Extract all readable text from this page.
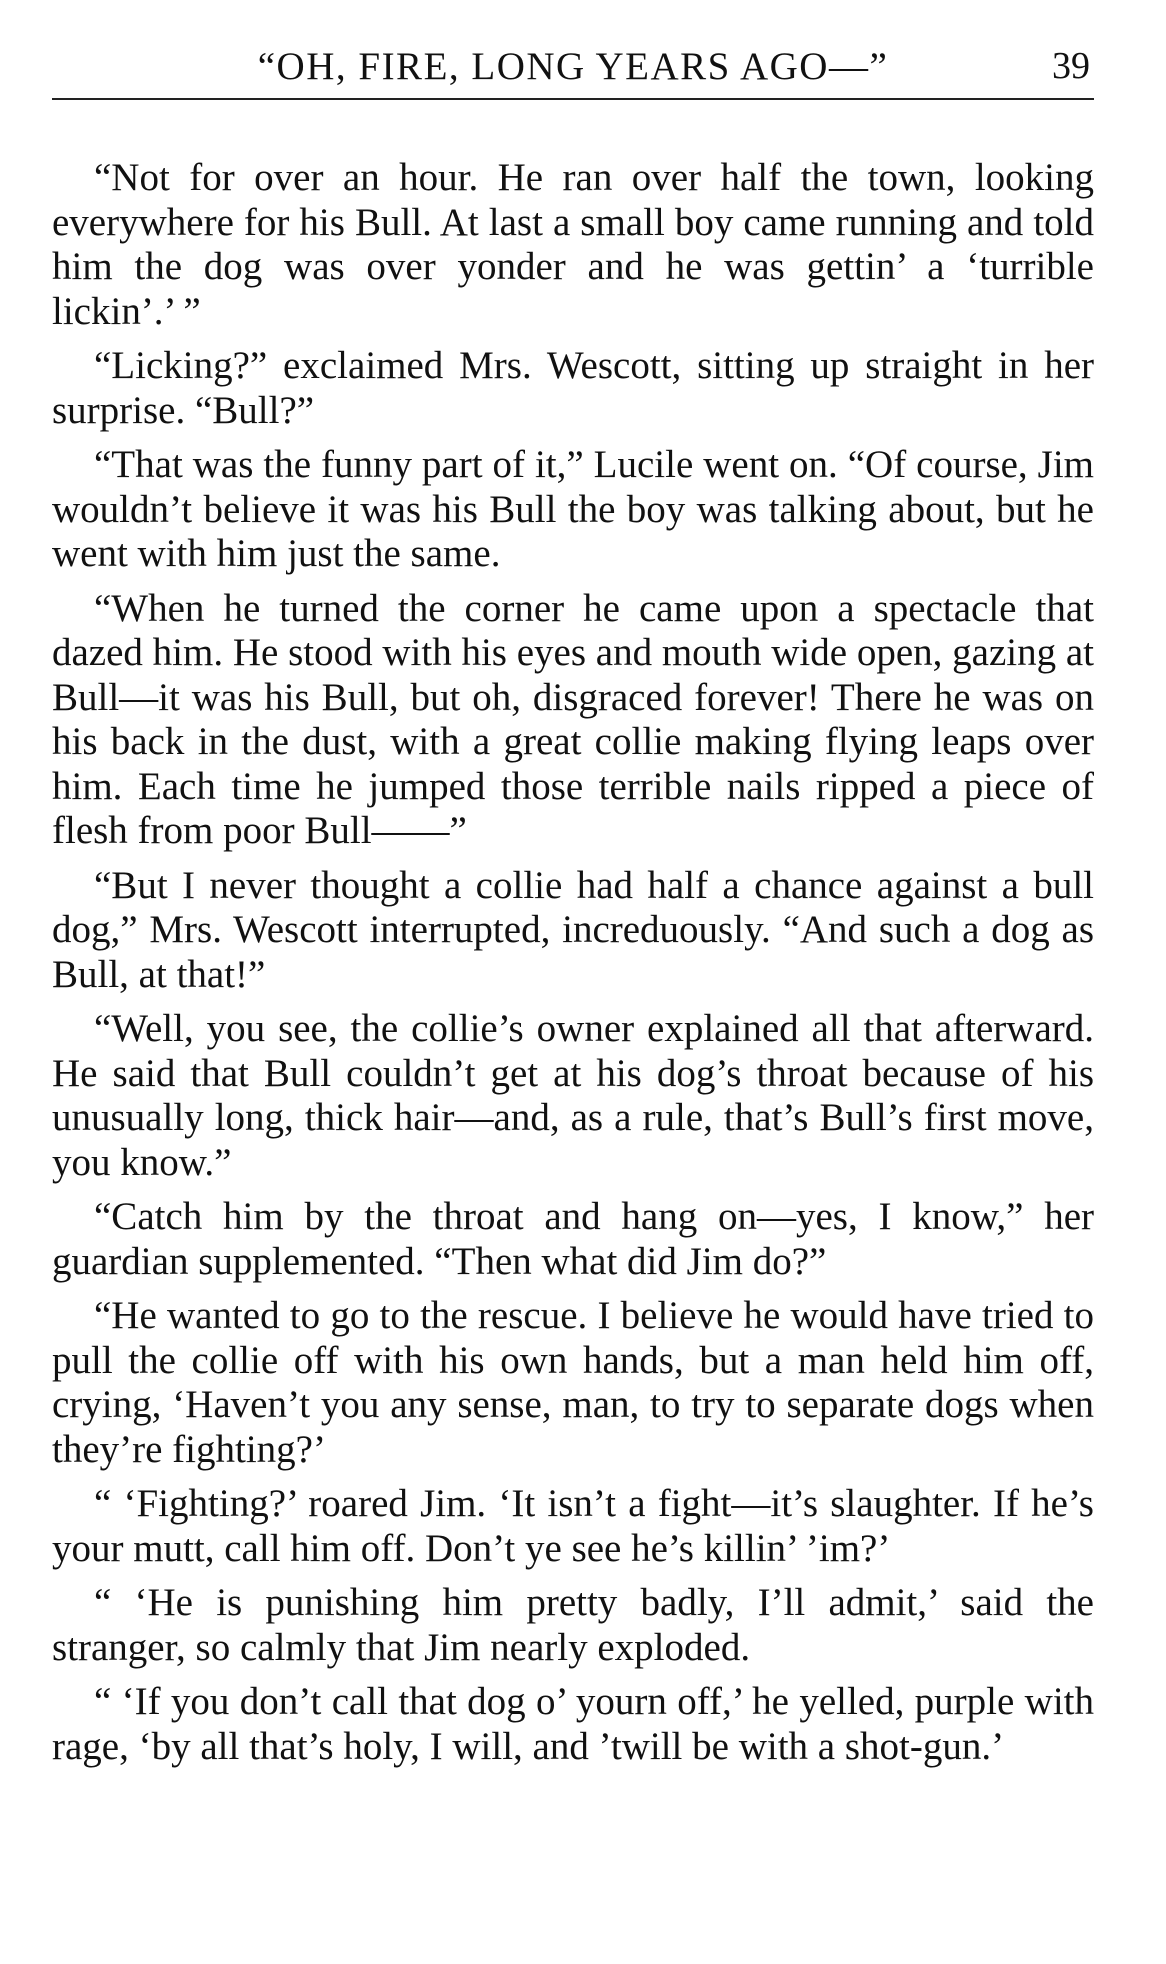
“OH, FIRE, LONG YEARS AGO—”	39

“Not for over an hour. He ran over half the town, looking everywhere for his Bull. At last a small boy came running and told him the dog was over yonder and he was gettin’ a ‘turrible lickin’.’ ”

“Licking?” exclaimed Mrs. Wescott, sitting up straight in her surprise. “Bull?”

“That was the funny part of it,” Lucile went on. “Of course, Jim wouldn’t believe it was his Bull the boy was talking about, but he went with him just the same.

“When he turned the corner he came upon a spectacle that dazed him. He stood with his eyes and mouth wide open, gazing at Bull—it was his Bull, but oh, disgraced forever! There he was on his back in the dust, with a great collie making flying leaps over him. Each time he jumped those terrible nails ripped a piece of flesh from poor Bull——”

“But I never thought a collie had half a chance against a bull dog,” Mrs. Wescott interrupted, increduously. “And such a dog as Bull, at that!”

“Well, you see, the collie’s owner explained all that afterward. He said that Bull couldn’t get at his dog’s throat because of his unusually long, thick hair—and, as a rule, that’s Bull’s first move, you know.”

“Catch him by the throat and hang on—yes, I know,” her guardian supplemented. “Then what did Jim do?”

“He wanted to go to the rescue. I believe he would have tried to pull the collie off with his own hands, but a man held him off, crying, ‘Haven’t you any sense, man, to try to separate dogs when they’re fighting?’

“ ‘Fighting?’ roared Jim. ‘It isn’t a fight—it’s slaughter. If he’s your mutt, call him off. Don’t ye see he’s killin’ ’im?’

“ ‘He is punishing him pretty badly, I’ll admit,’ said the stranger, so calmly that Jim nearly exploded.

“ ‘If you don’t call that dog o’ yourn off,’ he yelled, purple with rage, ‘by all that’s holy, I will, and ’twill be with a shot-gun.’
